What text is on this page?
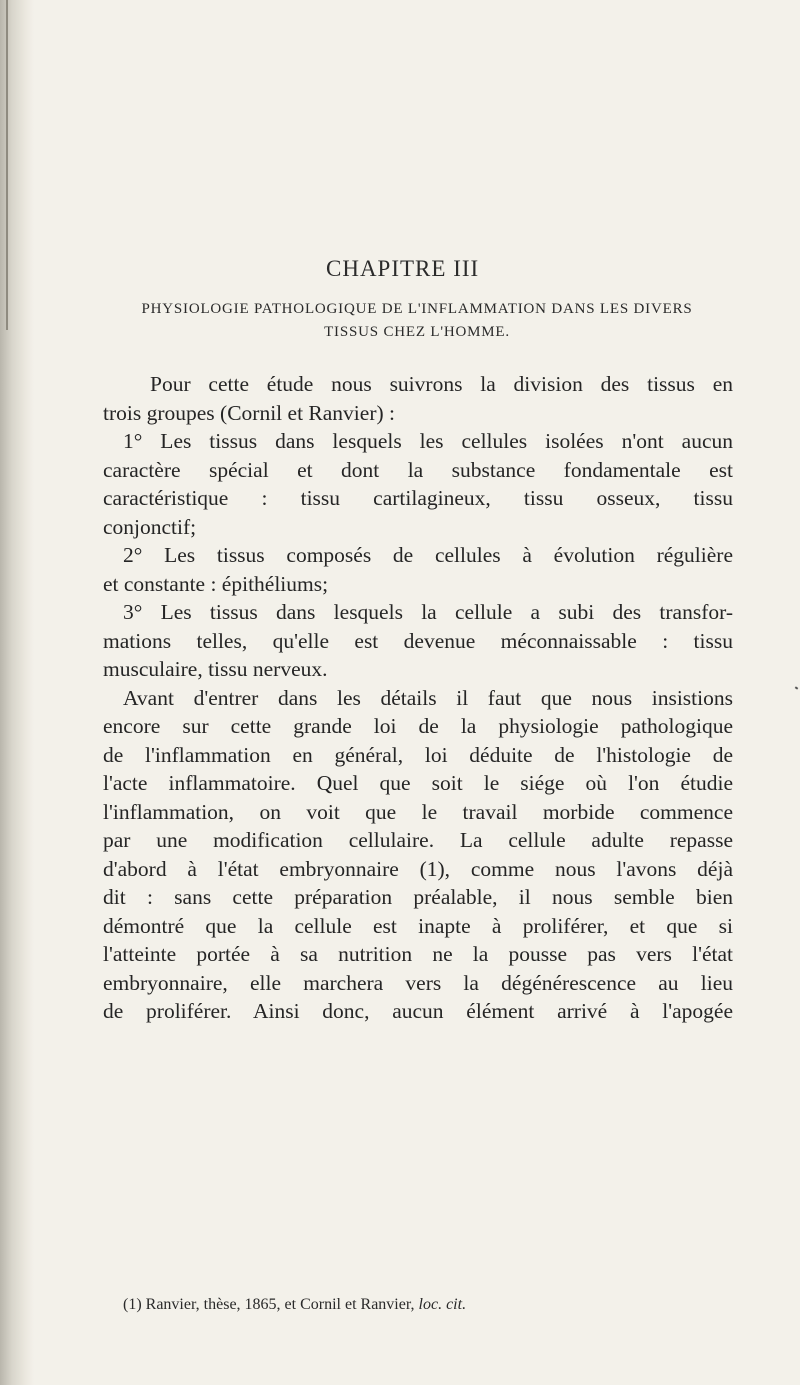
CHAPITRE III
PHYSIOLOGIE PATHOLOGIQUE DE L'INFLAMMATION DANS LES DIVERS
TISSUS CHEZ L'HOMME.
Pour cette étude nous suivrons la division des tissus en
trois groupes (Cornil et Ranvier) :
1° Les tissus dans lesquels les cellules isolées n'ont aucun
caractère spécial et dont la substance fondamentale est
caractéristique : tissu cartilagineux, tissu osseux, tissu
conjonctif;
2° Les tissus composés de cellules à évolution régulière
et constante : épithéliums;
3° Les tissus dans lesquels la cellule a subi des transfor-
mations telles, qu'elle est devenue méconnaissable : tissu
musculaire, tissu nerveux.
Avant d'entrer dans les détails il faut que nous insistions
encore sur cette grande loi de la physiologie pathologique
de l'inflammation en général, loi déduite de l'histologie de
l'acte inflammatoire. Quel que soit le siége où l'on étudie
l'inflammation, on voit que le travail morbide commence
par une modification cellulaire. La cellule adulte repasse
d'abord à l'état embryonnaire (1), comme nous l'avons déjà
dit : sans cette préparation préalable, il nous semble bien
démontré que la cellule est inapte à proliférer, et que si
l'atteinte portée à sa nutrition ne la pousse pas vers l'état
embryonnaire, elle marchera vers la dégénérescence au lieu
de proliférer. Ainsi donc, aucun élément arrivé à l'apogée
(1) Ranvier, thèse, 1865, et Cornil et Ranvier, loc. cit.
